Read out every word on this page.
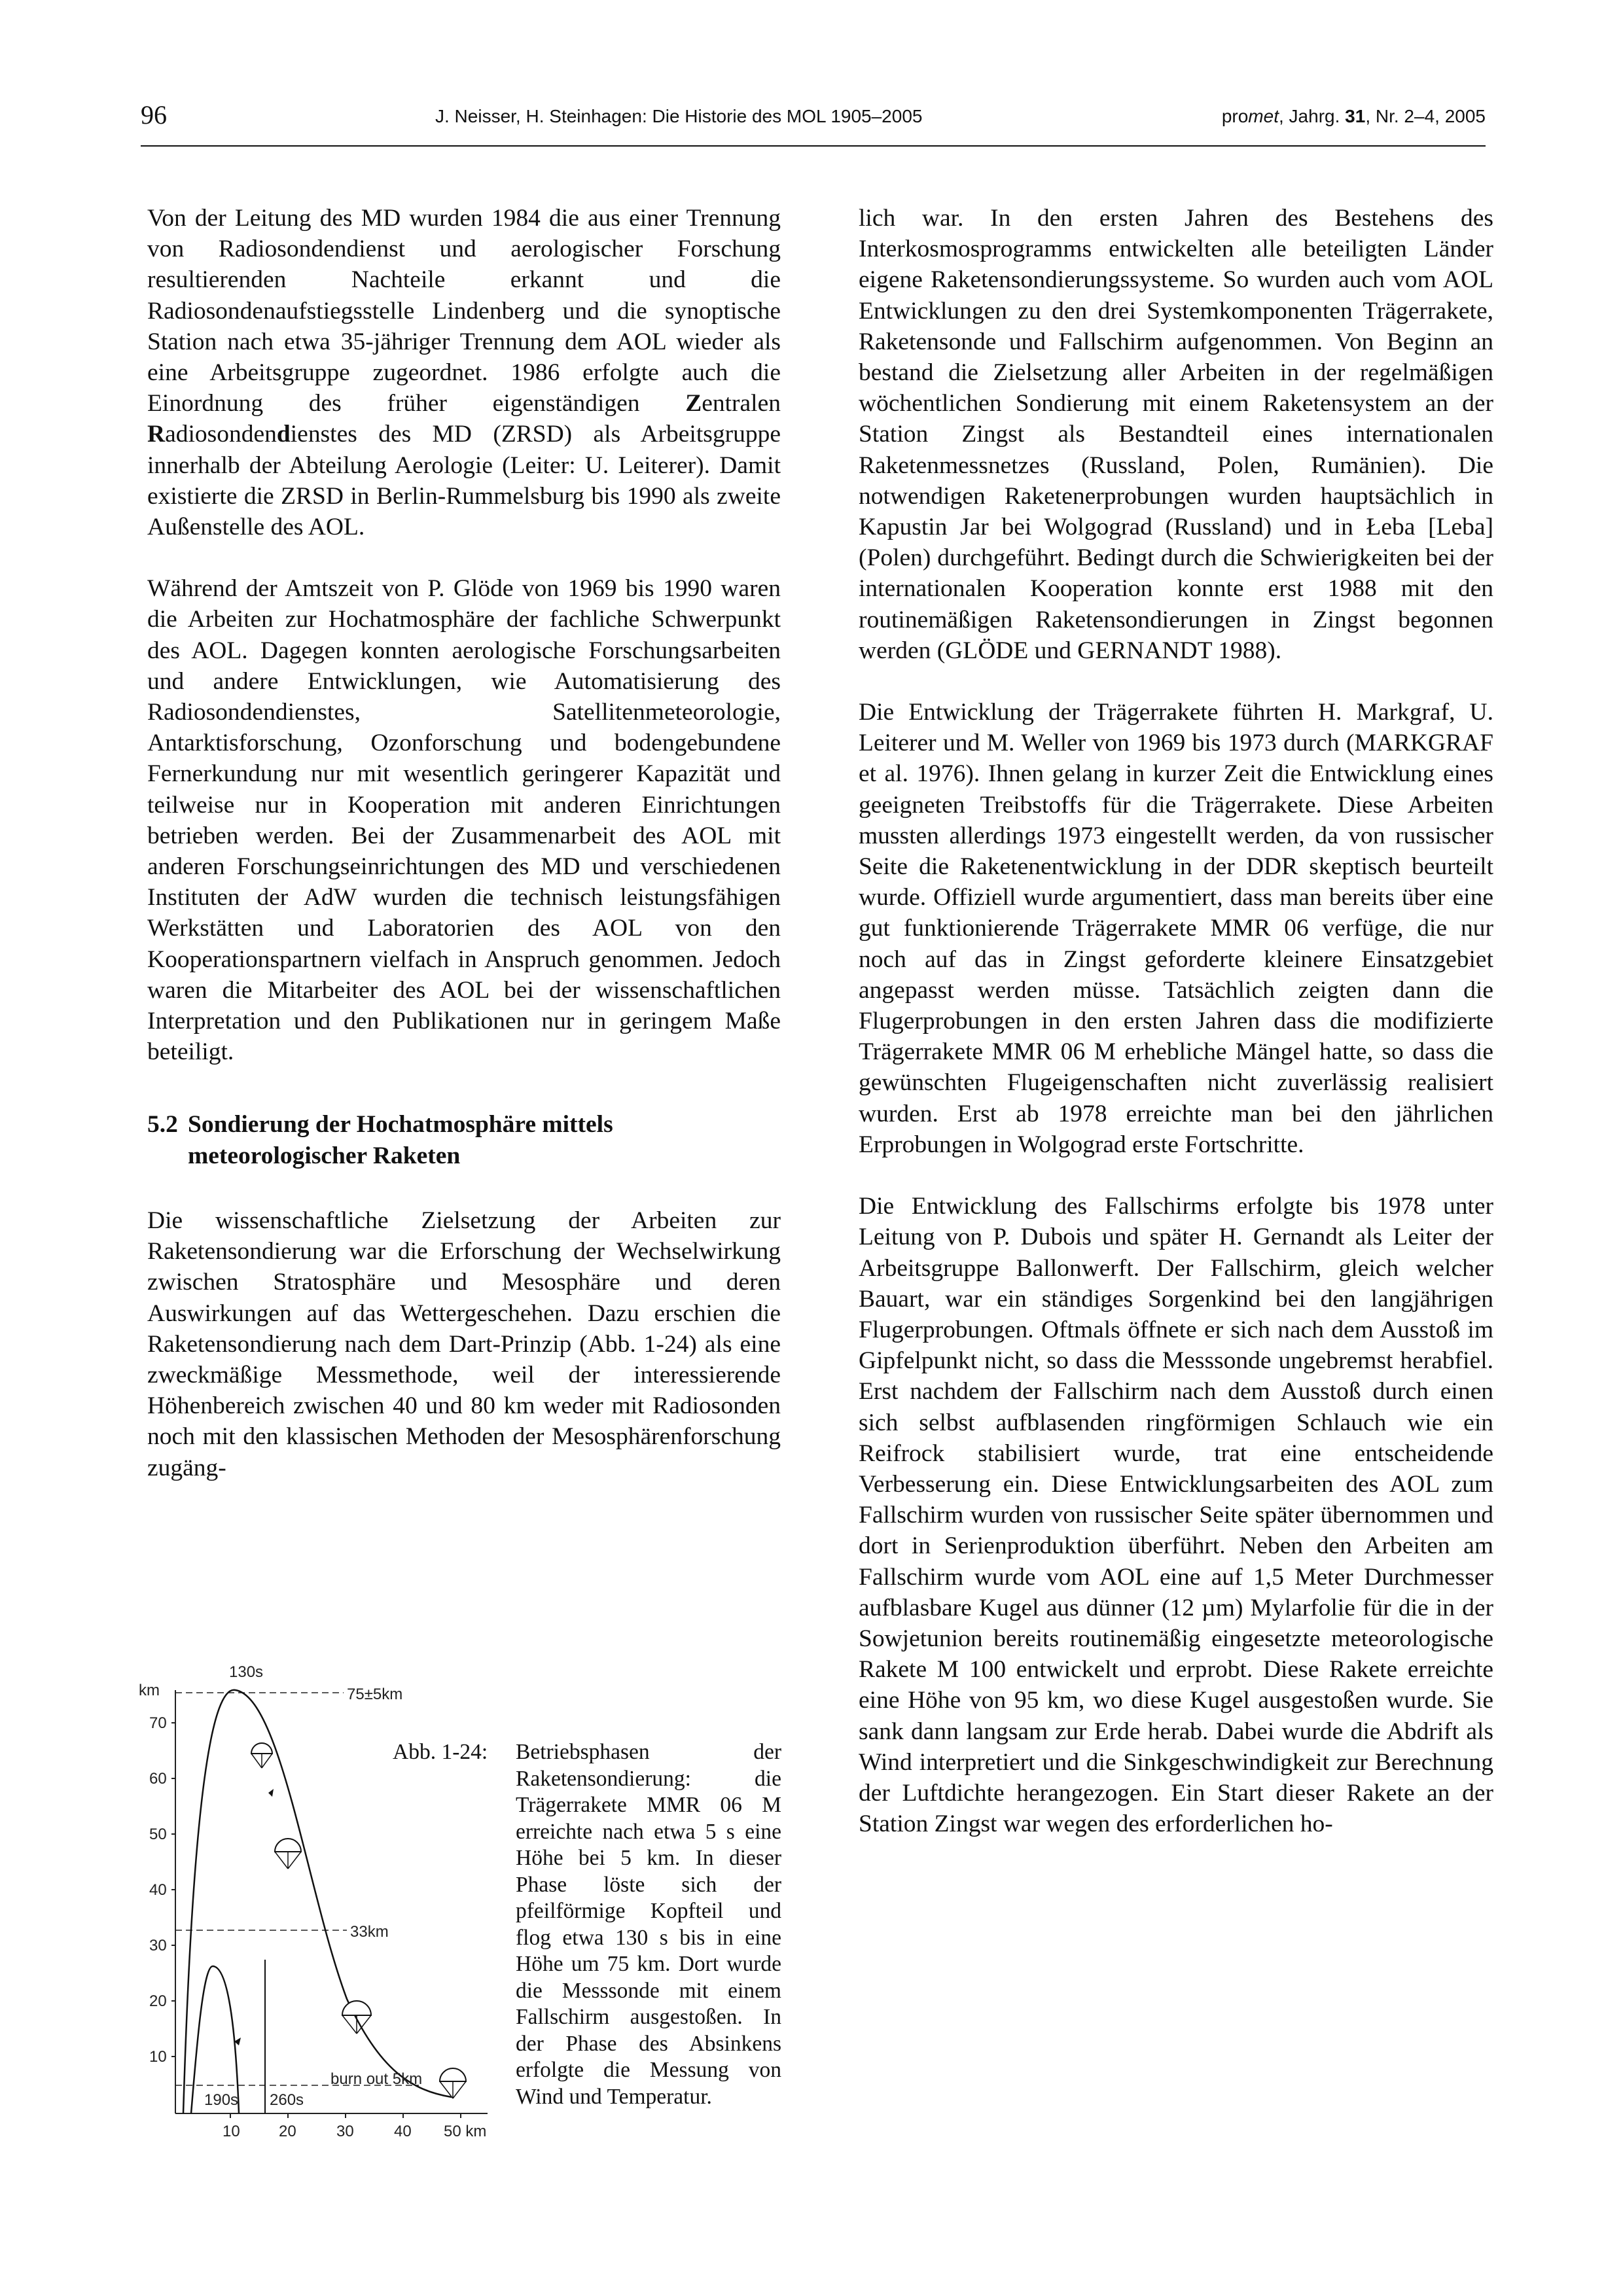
96	J. Neisser, H. Steinhagen: Die Historie des MOL 1905–2005	promet, Jahrg. 31, Nr. 2–4, 2005

Von der Leitung des MD wurden 1984 die aus einer Trennung von Radiosondendienst und aerologischer Forschung resultierenden Nachteile erkannt und die Radiosondenaufstiegsstelle Lindenberg und die synoptische Station nach etwa 35-jähriger Trennung dem AOL wieder als eine Arbeitsgruppe zugeordnet. 1986 erfolgte auch die Einordnung des früher eigenständigen Zentralen Radiosondendienstes des MD (ZRSD) als Arbeitsgruppe innerhalb der Abteilung Aerologie (Leiter: U. Leiterer). Damit existierte die ZRSD in Berlin-Rummelsburg bis 1990 als zweite Außenstelle des AOL.

Während der Amtszeit von P. Glöde von 1969 bis 1990 waren die Arbeiten zur Hochatmosphäre der fachliche Schwerpunkt des AOL. Dagegen konnten aerologische Forschungsarbeiten und andere Entwicklungen, wie Automatisierung des Radiosondendienstes, Satellitenmeteorologie, Antarktisforschung, Ozonforschung und bodengebundene Fernerkundung nur mit wesentlich geringerer Kapazität und teilweise nur in Kooperation mit anderen Einrichtungen betrieben werden. Bei der Zusammenarbeit des AOL mit anderen Forschungseinrichtungen des MD und verschiedenen Instituten der AdW wurden die technisch leistungsfähigen Werkstätten und Laboratorien des AOL von den Kooperationspartnern vielfach in Anspruch genommen. Jedoch waren die Mitarbeiter des AOL bei der wissenschaftlichen Interpretation und den Publikationen nur in geringem Maße beteiligt.

5.2 Sondierung der Hochatmosphäre mittels meteorologischer Raketen

Die wissenschaftliche Zielsetzung der Arbeiten zur Raketensondierung war die Erforschung der Wechselwirkung zwischen Stratosphäre und Mesosphäre und deren Auswirkungen auf das Wettergeschehen. Dazu erschien die Raketensondierung nach dem Dart-Prinzip (Abb. 1-24) als eine zweckmäßige Messmethode, weil der interessierende Höhenbereich zwischen 40 und 80 km weder mit Radiosonden noch mit den klassischen Methoden der Mesosphärenforschung zugäng-

lich war. In den ersten Jahren des Bestehens des Interkosmosprogramms entwickelten alle beteiligten Länder eigene Raketensondierungssysteme. So wurden auch vom AOL Entwicklungen zu den drei Systemkomponenten Trägerrakete, Raketensonde und Fallschirm aufgenommen. Von Beginn an bestand die Zielsetzung aller Arbeiten in der regelmäßigen wöchentlichen Sondierung mit einem Raketensystem an der Station Zingst als Bestandteil eines internationalen Raketenmessnetzes (Russland, Polen, Rumänien). Die notwendigen Raketenerprobungen wurden hauptsächlich in Kapustin Jar bei Wolgograd (Russland) und in Łeba [Leba] (Polen) durchgeführt. Bedingt durch die Schwierigkeiten bei der internationalen Kooperation konnte erst 1988 mit den routinemäßigen Raketensondierungen in Zingst begonnen werden (GLÖDE und GERNANDT 1988).

Die Entwicklung der Trägerrakete führten H. Markgraf, U. Leiterer und M. Weller von 1969 bis 1973 durch (MARKGRAF et al. 1976). Ihnen gelang in kurzer Zeit die Entwicklung eines geeigneten Treibstoffs für die Trägerrakete. Diese Arbeiten mussten allerdings 1973 eingestellt werden, da von russischer Seite die Raketenentwicklung in der DDR skeptisch beurteilt wurde. Offiziell wurde argumentiert, dass man bereits über eine gut funktionierende Trägerrakete MMR 06 verfüge, die nur noch auf das in Zingst geforderte kleinere Einsatzgebiet angepasst werden müsse. Tatsächlich zeigten dann die Flugerprobungen in den ersten Jahren dass die modifizierte Trägerrakete MMR 06 M erhebliche Mängel hatte, so dass die gewünschten Flugeigenschaften nicht zuverlässig realisiert wurden. Erst ab 1978 erreichte man bei den jährlichen Erprobungen in Wolgograd erste Fortschritte.

Die Entwicklung des Fallschirms erfolgte bis 1978 unter Leitung von P. Dubois und später H. Gernandt als Leiter der Arbeitsgruppe Ballonwerft. Der Fallschirm, gleich welcher Bauart, war ein ständiges Sorgenkind bei den langjährigen Flugerprobungen. Oftmals öffnete er sich nach dem Ausstoß im Gipfelpunkt nicht, so dass die Messsonde ungebremst herabfiel. Erst nachdem der Fallschirm nach dem Ausstoß durch einen sich selbst aufblasenden ringförmigen Schlauch wie ein Reifrock stabilisiert wurde, trat eine entscheidende Verbesserung ein. Diese Entwicklungsarbeiten des AOL zum Fallschirm wurden von russischer Seite später übernommen und dort in Serienproduktion überführt. Neben den Arbeiten am Fallschirm wurde vom AOL eine auf 1,5 Meter Durchmesser aufblasbare Kugel aus dünner (12 µm) Mylarfolie für die in der Sowjetunion bereits routinemäßig eingesetzte meteorologische Rakete M 100 entwickelt und erprobt. Diese Rakete erreichte eine Höhe von 95 km, wo diese Kugel ausgestoßen wurde. Sie sank dann langsam zur Erde herab. Dabei wurde die Abdrift als Wind interpretiert und die Sinkgeschwindigkeit zur Berechnung der Luftdichte herangezogen. Ein Start dieser Rakete an der Station Zingst war wegen des erforderlichen ho-

km
70
60
50
40
30
20
10
10 20	30	40 50 km
130s
75±5km
33km
burn out 5km
190s 260s
Abb. 1-24:	Betriebsphasen der Raketensondierung: die Trägerrakete MMR 06 M erreichte nach etwa 5 s eine Höhe bei 5 km. In dieser Phase löste sich der pfeilförmige Kopfteil und flog etwa 130 s bis in eine Höhe um 75 km. Dort wurde die Messsonde mit einem Fallschirm ausgestoßen. In der Phase des Absinkens erfolgte die Messung von Wind und Temperatur.
